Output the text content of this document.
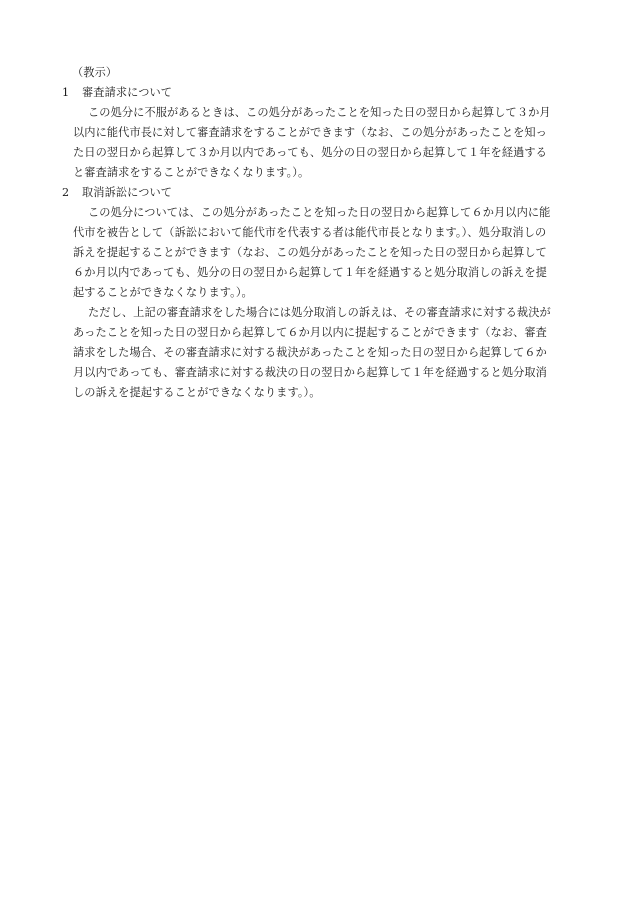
（教示）
1 審査請求について
この処分に不服があるときは、この処分があったことを知った日の翌日から起算して３か月
以内に能代市長に対して審査請求をすることができます（なお、この処分があったことを知っ
た日の翌日から起算して３か月以内であっても、処分の日の翌日から起算して１年を経過する
と審査請求をすることができなくなります。）。
2 取消訴訟について
この処分については、この処分があったことを知った日の翌日から起算して６か月以内に能
代市を被告として（訴訟において能代市を代表する者は能代市長となります。）、処分取消しの
訴えを提起することができます（なお、この処分があったことを知った日の翌日から起算して
６か月以内であっても、処分の日の翌日から起算して１年を経過すると処分取消しの訴えを提
起することができなくなります。）。
ただし、上記の審査請求をした場合には処分取消しの訴えは、その審査請求に対する裁決が
あったことを知った日の翌日から起算して６か月以内に提起することができます（なお、審査
請求をした場合、その審査請求に対する裁決があったことを知った日の翌日から起算して６か
月以内であっても、審査請求に対する裁決の日の翌日から起算して１年を経過すると処分取消
しの訴えを提起することができなくなります。）。
